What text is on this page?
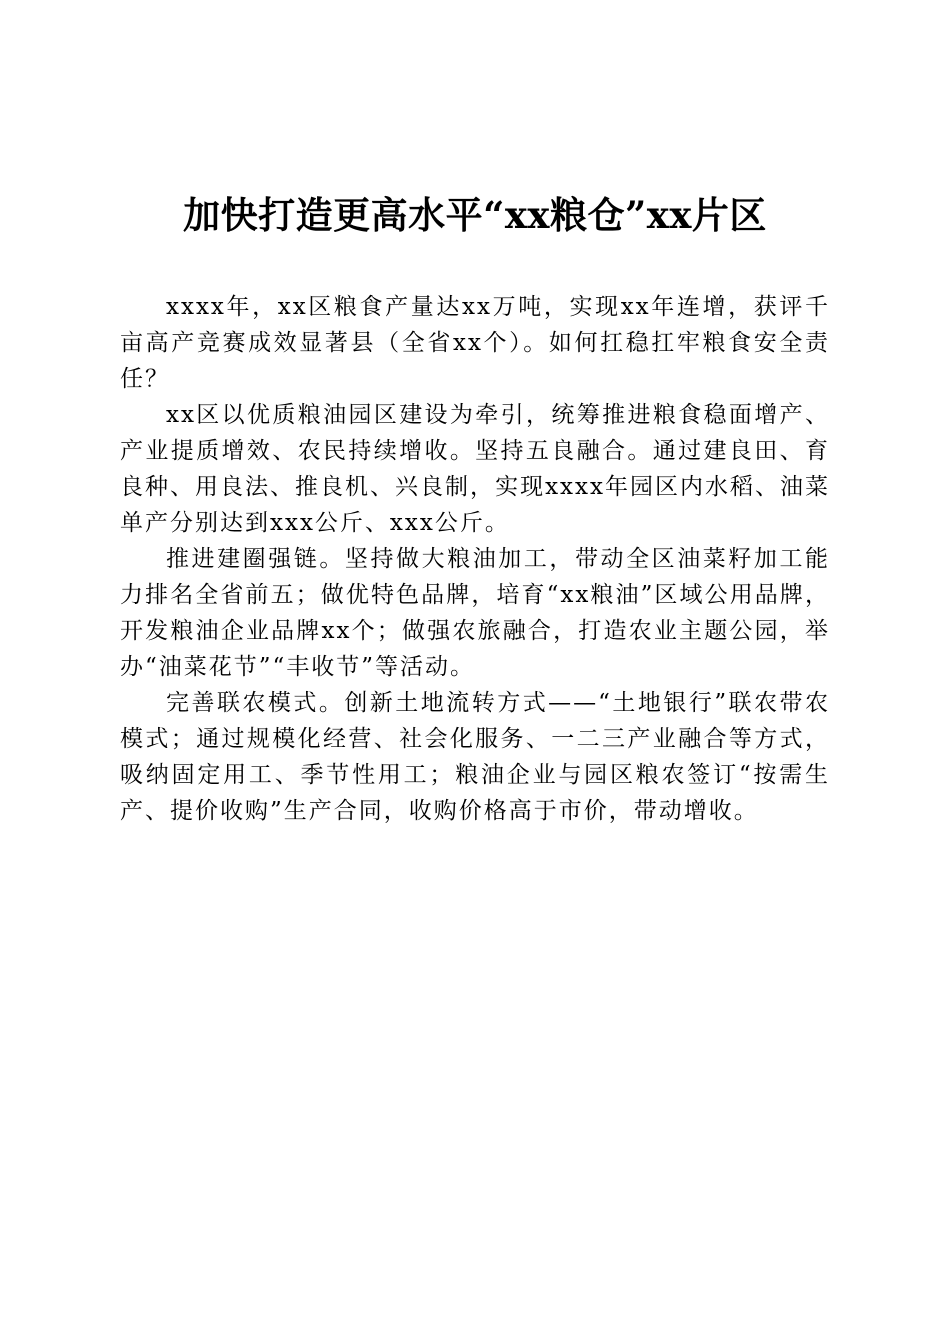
加快打造更高水平“xx粮仓”xx片区

xxxx年，xx区粮食产量达xx万吨，实现xx年连增，获评千亩高产竞赛成效显著县（全省xx个）。如何扛稳扛牢粮食安全责任？

xx区以优质粮油园区建设为牵引，统筹推进粮食稳面增产、产业提质增效、农民持续增收。坚持五良融合。通过建良田、育良种、用良法、推良机、兴良制，实现xxxx年园区内水稻、油菜单产分别达到xxx公斤、xxx公斤。

推进建圈强链。坚持做大粮油加工，带动全区油菜籽加工能力排名全省前五；做优特色品牌，培育“xx粮油”区域公用品牌，开发粮油企业品牌xx个；做强农旅融合，打造农业主题公园，举办“油菜花节”“丰收节”等活动。

完善联农模式。创新土地流转方式——“土地银行”联农带农模式；通过规模化经营、社会化服务、一二三产业融合等方式，吸纳固定用工、季节性用工；粮油企业与园区粮农签订“按需生产、提价收购”生产合同，收购价格高于市价，带动增收。
